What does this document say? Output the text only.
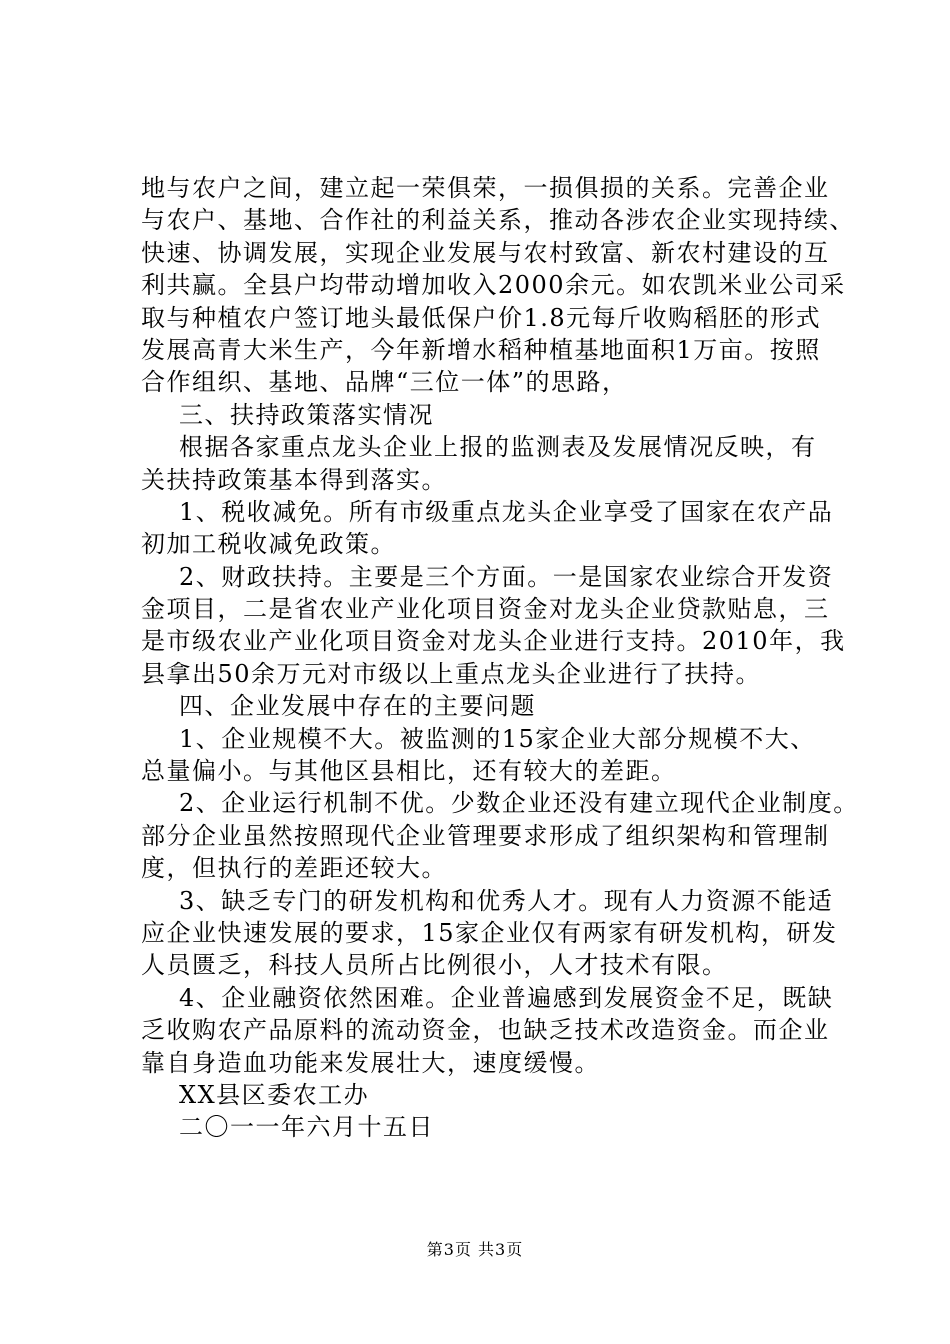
地与农户之间，建立起一荣俱荣，一损俱损的关系。完善企业
与农户、基地、合作社的利益关系，推动各涉农企业实现持续、
快速、协调发展，实现企业发展与农村致富、新农村建设的互
利共赢。全县户均带动增加收入2000余元。如农凯米业公司采
取与种植农户签订地头最低保户价1.8元每斤收购稻胚的形式
发展高青大米生产，今年新增水稻种植基地面积1万亩。按照
合作组织、基地、品牌“三位一体”的思路，
三、扶持政策落实情况
根据各家重点龙头企业上报的监测表及发展情况反映，有
关扶持政策基本得到落实。
1、税收减免。所有市级重点龙头企业享受了国家在农产品
初加工税收减免政策。
2、财政扶持。主要是三个方面。一是国家农业综合开发资
金项目，二是省农业产业化项目资金对龙头企业贷款贴息，三
是市级农业产业化项目资金对龙头企业进行支持。2010年，我
县拿出50余万元对市级以上重点龙头企业进行了扶持。
四、企业发展中存在的主要问题
1、企业规模不大。被监测的15家企业大部分规模不大、
总量偏小。与其他区县相比，还有较大的差距。
2、企业运行机制不优。少数企业还没有建立现代企业制度。
部分企业虽然按照现代企业管理要求形成了组织架构和管理制
度，但执行的差距还较大。
3、缺乏专门的研发机构和优秀人才。现有人力资源不能适
应企业快速发展的要求，15家企业仅有两家有研发机构，研发
人员匮乏，科技人员所占比例很小，人才技术有限。
4、企业融资依然困难。企业普遍感到发展资金不足，既缺
乏收购农产品原料的流动资金，也缺乏技术改造资金。而企业
靠自身造血功能来发展壮大，速度缓慢。
XX县区委农工办
二〇一一年六月十五日
第3页 共3页
